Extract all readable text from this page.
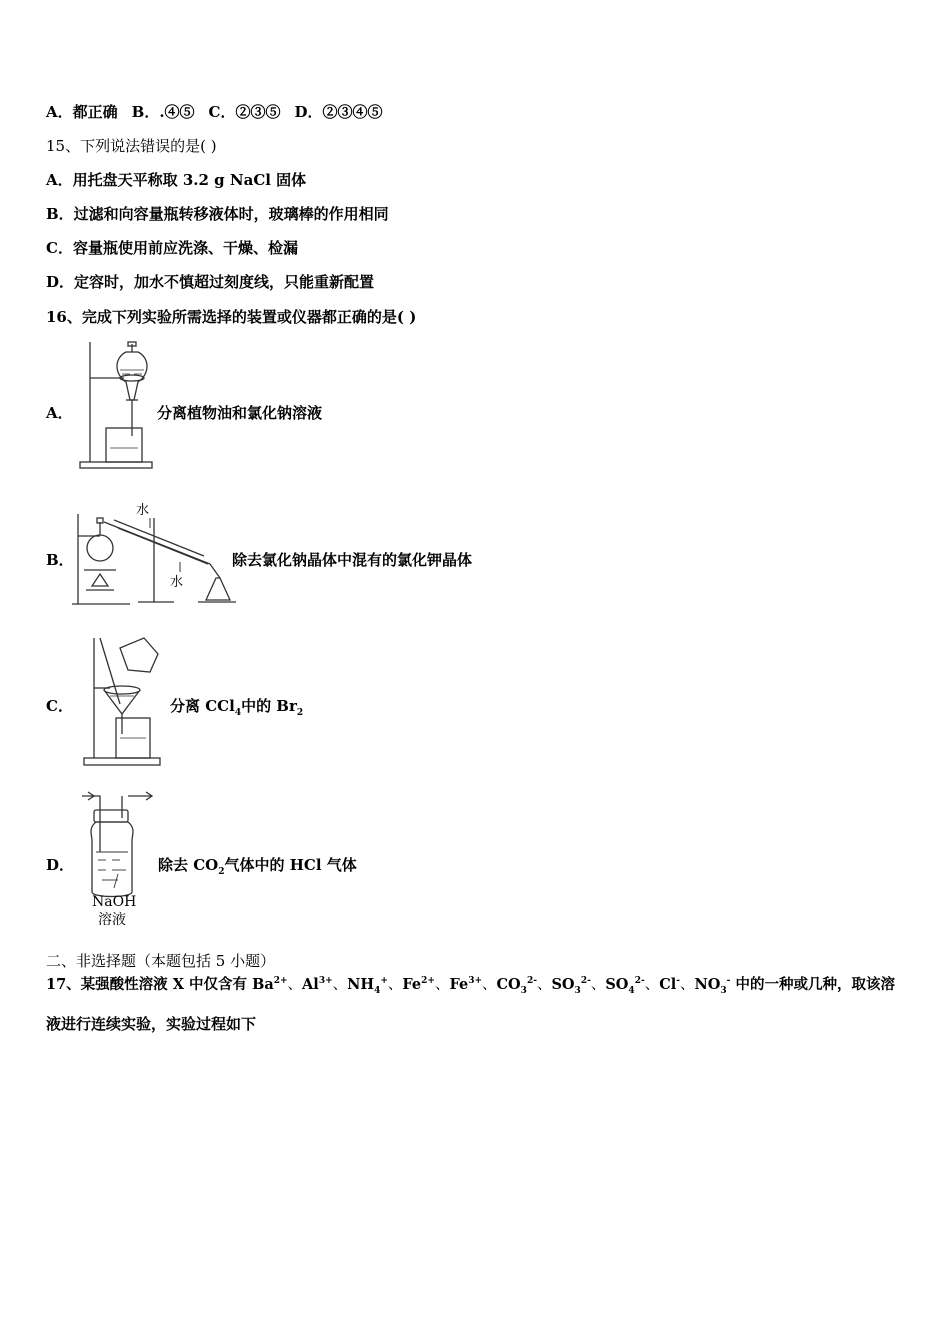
A．都正确 B．.④⑤ C．②③⑤ D．②③④⑤
15、下列说法错误的是( )
A．用托盘天平称取 3.2 g NaCl 固体
B．过滤和向容量瓶转移液体时，玻璃棒的作用相同
C．容量瓶使用前应洗涤、干燥、检漏
D．定容时，加水不慎超过刻度线，只能重新配置
16、完成下列实验所需选择的装置或仪器都正确的是( )
A．	分离植物油和氯化钠溶液
B．
水
水
除去氯化钠晶体中混有的氯化钾晶体
C．	分离 CCl$_4$中的 $Br_2$
D．
NaOH
溶液
除去 $CO_2$气体中的 HCl 气体
二、非选择题（本题包括 5 小题）
17、某强酸性溶液 X 中仅含有 $Ba^{2+}$、$Al^{3+}$、$NH_4^+$、$Fe^{2+}$、$Fe^{3+}$、$CO_3^{2-}$、$SO_3^{2-}$、$SO_4^{2-}$、Cl-、$NO_3^-$ 中的一种或几种，取该溶
液进行连续实验，实验过程如下
